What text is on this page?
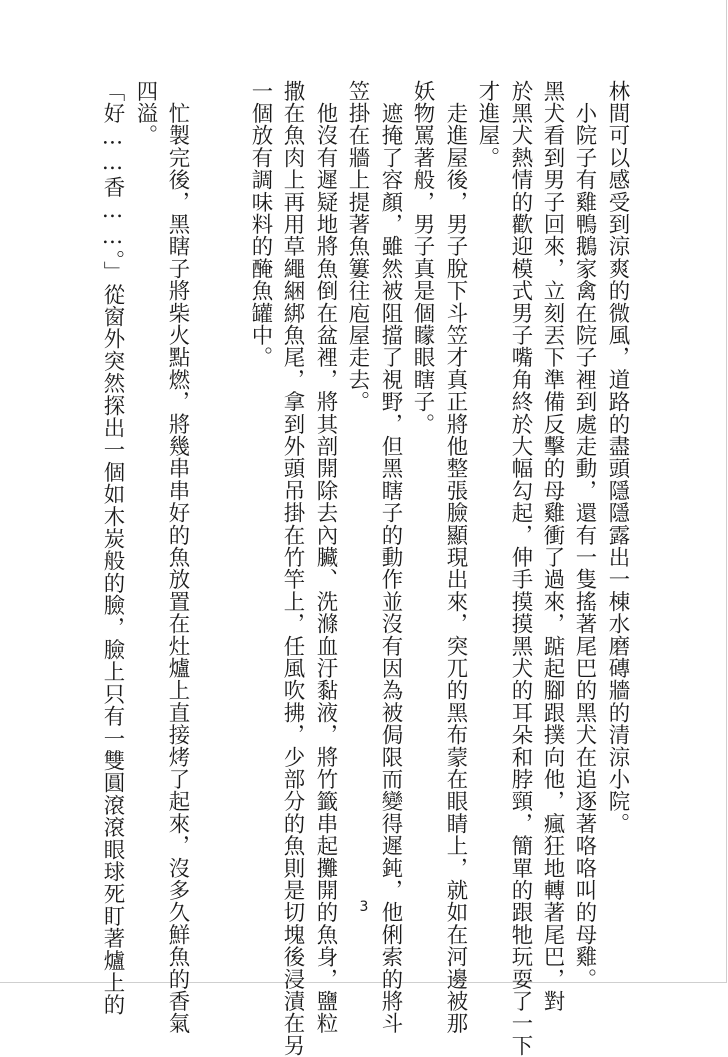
林間可以感受到涼爽的微風，道路的盡頭隱隱露出一棟水磨磚牆的清涼小院。
　小院子有雞鴨鵝家禽在院子裡到處走動，還有一隻搖著尾巴的黑犬在追逐著咯咯叫的母雞。
黑犬看到男子回來，立刻丟下準備反擊的母雞衝了過來，踮起腳跟撲向他，瘋狂地轉著尾巴，對
於黑犬熱情的歡迎模式男子嘴角終於大幅勾起，伸手摸摸黑犬的耳朵和脖頸，簡單的跟牠玩耍了一下
才進屋。
　走進屋後，男子脫下斗笠才真正將他整張臉顯現出來，突兀的黑布蒙在眼睛上，就如在河邊被那
妖物罵著般，男子真是個矇眼瞎子。
　遮掩了容顏，雖然被阻擋了視野，但黑瞎子的動作並沒有因為被侷限而變得遲鈍，他俐索的將斗
笠掛在牆上提著魚簍往庖屋走去。
　他沒有遲疑地將魚倒在盆裡，將其剖開除去內臟、洗滌血汙黏液，將竹籤串起攤開的魚身，鹽粒
撒在魚肉上再用草繩綑綁魚尾，拿到外頭吊掛在竹竿上，任風吹拂，少部分的魚則是切塊後浸漬在另
一個放有調味料的醃魚罐中。
　忙製完後，黑瞎子將柴火點燃，將幾串串好的魚放置在灶爐上直接烤了起來，沒多久鮮魚的香氣
四溢。
「好……香……。」從窗外突然探出一個如木炭般的臉，臉上只有一雙圓滾滾眼球死盯著爐上的	3
